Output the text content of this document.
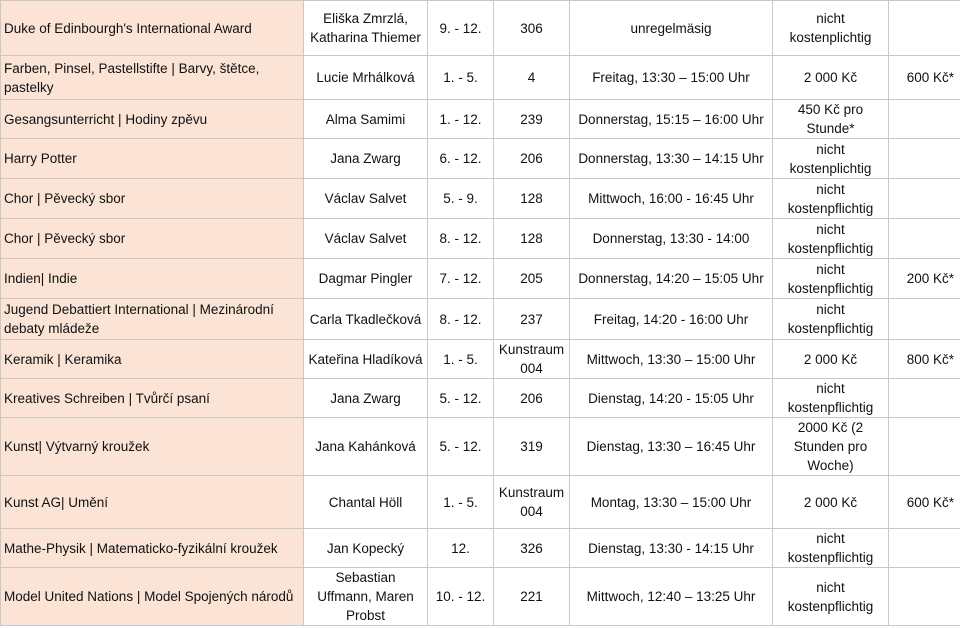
Duke of Edinbourgh's International Award	Eliška Zmrzlá, Katharina Thiemer	9. - 12.	306	unregelmäsig	nicht kostenplichtig	
Farben, Pinsel, Pastellstifte | Barvy, štětce, pastelky	Lucie Mrhálková	1. - 5.	4	Freitag, 13:30 – 15:00 Uhr	2 000 Kč	600 Kč*
Gesangsunterricht | Hodiny zpěvu	Alma Samimi	1. - 12.	239	Donnerstag, 15:15 – 16:00 Uhr	450 Kč pro Stunde*	
Harry Potter	Jana Zwarg	6. - 12.	206	Donnerstag, 13:30 – 14:15 Uhr	nicht kostenplichtig	
Chor | Pěvecký sbor	Václav Salvet	5. - 9.	128	Mittwoch, 16:00 - 16:45 Uhr	nicht kostenpflichtig	
Chor | Pěvecký sbor	Václav Salvet	8. - 12.	128	Donnerstag, 13:30 - 14:00	nicht kostenpflichtig	
Indien| Indie	Dagmar Pingler	7. - 12.	205	Donnerstag, 14:20 – 15:05 Uhr	nicht kostenpflichtig	200 Kč*
Jugend Debattiert International | Mezinárodní debaty mládeže	Carla Tkadlečková	8. - 12.	237	Freitag, 14:20 - 16:00 Uhr	nicht kostenpflichtig	
Keramik | Keramika	Kateřina Hladíková	1. - 5.	Kunstraum 004	Mittwoch, 13:30 – 15:00 Uhr	2 000 Kč	800 Kč*
Kreatives Schreiben | Tvůrčí psaní	Jana Zwarg	5. - 12.	206	Dienstag, 14:20 - 15:05 Uhr	nicht kostenpflichtig	
Kunst| Výtvarný kroužek	Jana Kahánková	5. - 12.	319	Dienstag, 13:30 – 16:45 Uhr	2000 Kč (2 Stunden pro Woche)	
Kunst AG| Umění	Chantal Höll	1. - 5.	Kunstraum 004	Montag, 13:30 – 15:00 Uhr	2 000 Kč	600 Kč*
Mathe-Physik | Matematicko-fyzikální kroužek	Jan Kopecký	12.	326	Dienstag, 13:30 - 14:15 Uhr	nicht kostenpflichtig	
Model United Nations | Model Spojených národů	Sebastian Uffmann, Maren Probst	10. - 12.	221	Mittwoch, 12:40 – 13:25 Uhr	nicht kostenpflichtig	
